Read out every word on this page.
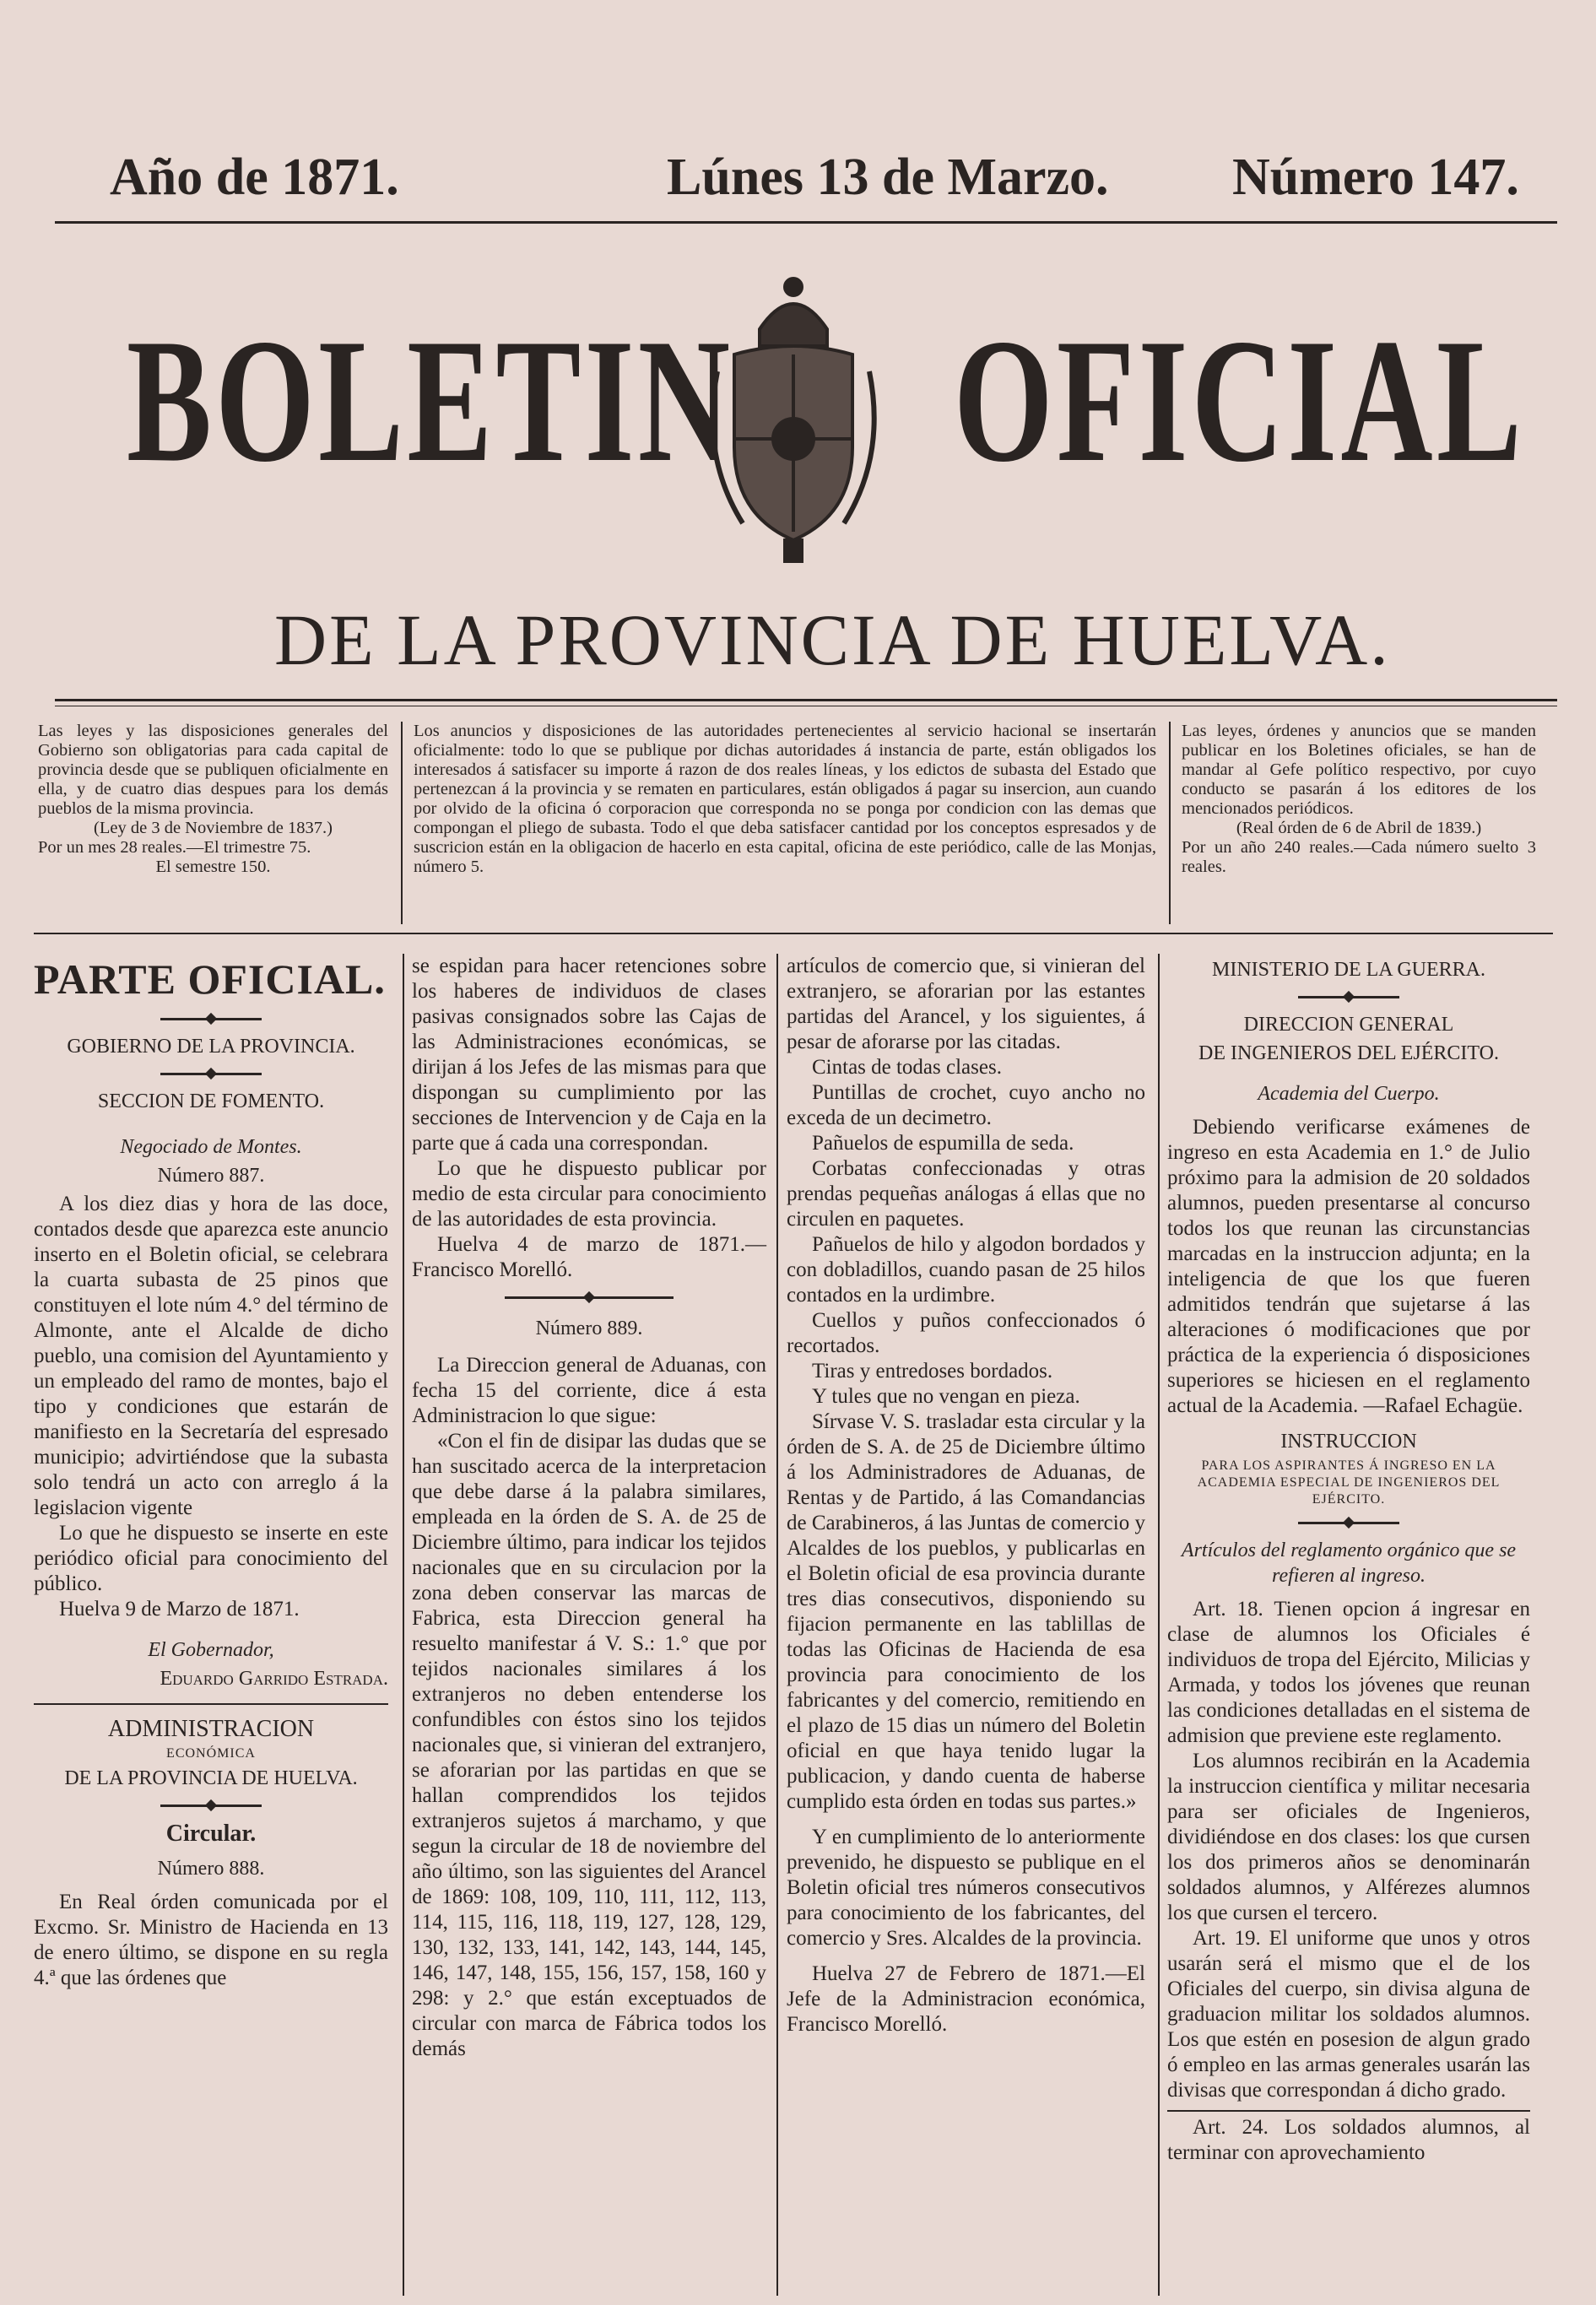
Año de 1871.	Lúnes 13 de Marzo. Número 147.
BOLETIN OFICIAL
DE LA PROVINCIA DE HUELVA.
Las leyes y las disposiciones generales del Gobierno son obligatorias para cada capital de provincia desde que se publiquen oficialmente en ella, y de cuatro dias despues para los demás pueblos de la misma provincia.
(Ley de 3 de Noviembre de 1837.)
Por un mes 28 reales.—El trimestre 75.
El semestre 150.
Los anuncios y disposiciones de las autoridades pertenecientes al servicio hacional se insertarán oficialmente: todo lo que se publique por dichas autoridades á instancia de parte, están obligados los interesados á satisfacer su importe á razon de dos reales líneas, y los edictos de subasta del Estado que pertenezcan á la provincia y se rematen en particulares, están obligados á pagar su insercion, aun cuando por olvido de la oficina ó corporacion que corresponda no se ponga por condicion con las demas que compongan el pliego de subasta. Todo el que deba satisfacer cantidad por los conceptos espresados y de suscricion están en la obligacion de hacerlo en esta capital, oficina de este periódico, calle de las Monjas, número 5.
Las leyes, órdenes y anuncios que se manden publicar en los Boletines oficiales, se han de mandar al Gefe político respectivo, por cuyo conducto se pasarán á los editores de los mencionados periódicos.
(Real órden de 6 de Abril de 1839.)
Por un año 240 reales.—Cada número suelto 3 reales.
PARTE OFICIAL.

GOBIERNO DE LA PROVINCIA.

SECCION DE FOMENTO.

Negociado de Montes.

Número 887.

A los diez dias y hora de las doce, contados desde que aparezca este anuncio inserto en el Boletin oficial, se celebrara la cuarta subasta de 25 pinos que constituyen el lote núm 4.° del término de Almonte, ante el Alcalde de dicho pueblo, una comision del Ayuntamiento y un empleado del ramo de montes, bajo el tipo y condiciones que estarán de manifiesto en la Secretaría del espresado municipio; advirtiéndose que la subasta solo tendrá un acto con arreglo á la legislacion vigente

Lo que he dispuesto se inserte en este periódico oficial para conocimiento del público.

Huelva 9 de Marzo de 1871.

El Gobernador,

Eduardo Garrido Estrada.

ADMINISTRACION

ECONÓMICA

DE LA PROVINCIA DE HUELVA.

Circular.

Número 888.

En Real órden comunicada por el Excmo. Sr. Ministro de Hacienda en 13 de enero último, se dispone en su regla 4.ª que las órdenes que

se espidan para hacer retenciones sobre los haberes de individuos de clases pasivas consignados sobre las Cajas de las Administraciones económicas, se dirijan á los Jefes de las mismas para que dispongan su cumplimiento por las secciones de Intervencion y de Caja en la parte que á cada una correspondan.

Lo que he dispuesto publicar por medio de esta circular para conocimiento de las autoridades de esta provincia.

Huelva 4 de marzo de 1871.—Francisco Morelló.

Número 889.

La Direccion general de Aduanas, con fecha 15 del corriente, dice á esta Administracion lo que sigue:

«Con el fin de disipar las dudas que se han suscitado acerca de la interpretacion que debe darse á la palabra similares, empleada en la órden de S. A. de 25 de Diciembre último, para indicar los tejidos nacionales que en su circulacion por la zona deben conservar las marcas de Fabrica, esta Direccion general ha resuelto manifestar á V. S.: 1.° que por tejidos nacionales similares á los extranjeros no deben entenderse los confundibles con éstos sino los tejidos nacionales que, si vinieran del extranjero, se aforarian por las partidas en que se hallan comprendidos los tejidos extranjeros sujetos á marchamo, y que segun la circular de 18 de noviembre del año último, son las siguientes del Arancel de 1869: 108, 109, 110, 111, 112, 113, 114, 115, 116, 118, 119, 127, 128, 129, 130, 132, 133, 141, 142, 143, 144, 145, 146, 147, 148, 155, 156, 157, 158, 160 y 298: y 2.° que están exceptuados de circular con marca de Fábrica todos los demás

artículos de comercio que, si vinieran del extranjero, se aforarian por las estantes partidas del Arancel, y los siguientes, á pesar de aforarse por las citadas.

Cintas de todas clases.

Puntillas de crochet, cuyo ancho no exceda de un decimetro.

Pañuelos de espumilla de seda.

Corbatas confeccionadas y otras prendas pequeñas análogas á ellas que no circulen en paquetes.

Pañuelos de hilo y algodon bordados y con dobladillos, cuando pasan de 25 hilos contados en la urdimbre.

Cuellos y puños confeccionados ó recortados.

Tiras y entredoses bordados.

Y tules que no vengan en pieza.

Sírvase V. S. trasladar esta circular y la órden de S. A. de 25 de Diciembre último á los Administradores de Aduanas, de Rentas y de Partido, á las Comandancias de Carabineros, á las Juntas de comercio y Alcaldes de los pueblos, y publicarlas en el Boletin oficial de esa provincia durante tres dias consecutivos, disponiendo su fijacion permanente en las tablillas de todas las Oficinas de Hacienda de esa provincia para conocimiento de los fabricantes y del comercio, remitiendo en el plazo de 15 dias un número del Boletin oficial en que haya tenido lugar la publicacion, y dando cuenta de haberse cumplido esta órden en todas sus partes.»

Y en cumplimiento de lo anteriormente prevenido, he dispuesto se publique en el Boletin oficial tres números consecutivos para conocimiento de los fabricantes, del comercio y Sres. Alcaldes de la provincia.

Huelva 27 de Febrero de 1871.—El Jefe de la Administracion económica, Francisco Morelló.

MINISTERIO DE LA GUERRA.

DIRECCION GENERAL

DE INGENIEROS DEL EJÉRCITO.

Academia del Cuerpo.

Debiendo verificarse exámenes de ingreso en esta Academia en 1.° de Julio próximo para la admision de 20 soldados alumnos, pueden presentarse al concurso todos los que reunan las circunstancias marcadas en la instruccion adjunta; en la inteligencia de que los que fueren admitidos tendrán que sujetarse á las alteraciones ó modificaciones que por práctica de la experiencia ó disposiciones superiores se hiciesen en el reglamento actual de la Academia. —Rafael Echagüe.

INSTRUCCION

PARA LOS ASPIRANTES Á INGRESO EN LA ACADEMIA ESPECIAL DE INGENIEROS DEL EJÉRCITO.

Artículos del reglamento orgánico que se refieren al ingreso.

Art. 18. Tienen opcion á ingresar en clase de alumnos los Oficiales é individuos de tropa del Ejército, Milicias y Armada, y todos los jóvenes que reunan las condiciones detalladas en el sistema de admision que previene este reglamento.

Los alumnos recibirán en la Academia la instruccion científica y militar necesaria para ser oficiales de Ingenieros, dividiéndose en dos clases: los que cursen los dos primeros años se denominarán soldados alumnos, y Alférezes alumnos los que cursen el tercero.

Art. 19. El uniforme que unos y otros usarán será el mismo que el de los Oficiales del cuerpo, sin divisa alguna de graduacion militar los soldados alumnos. Los que estén en posesion de algun grado ó empleo en las armas generales usarán las divisas que correspondan á dicho grado.

Art. 24. Los soldados alumnos, al terminar con aprovechamiento
